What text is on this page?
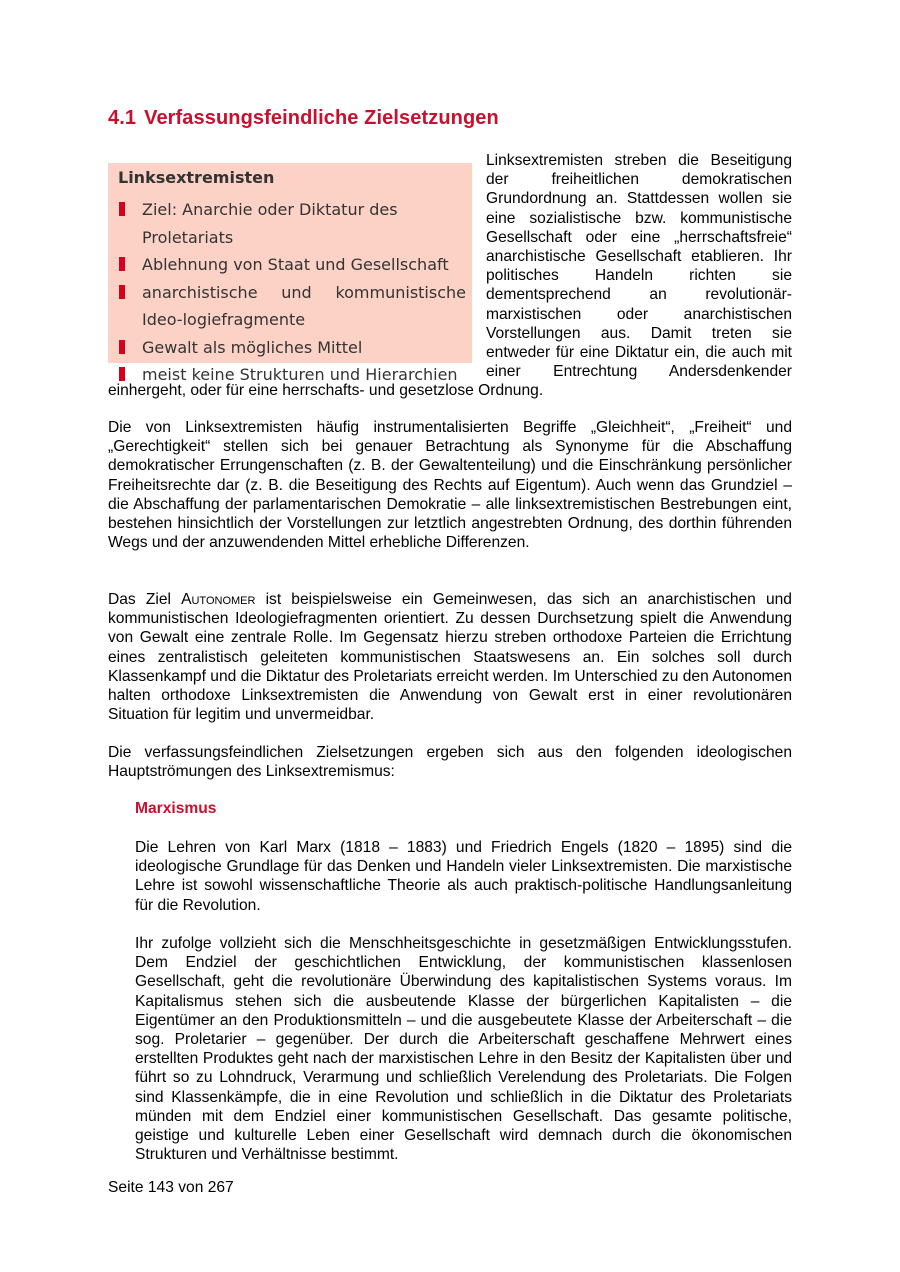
4.1 Verfassungsfeindliche Zielsetzungen

Linksextremisten

Ziel: Anarchie oder Diktatur des Proletariats
Ablehnung von Staat und Gesellschaft
anarchistische und kommunistische Ideo-logiefragmente
Gewalt als mögliches Mittel
meist keine Strukturen und Hierarchien

Linksextremisten streben die Beseitigung der freiheitlichen demokratischen Grundordnung an. Stattdessen wollen sie eine sozialistische bzw. kommunistische Gesellschaft oder eine „herrschaftsfreie“ anarchistische Gesellschaft etablieren. Ihr politisches Handeln richten sie dementsprechend an revolutionär-marxistischen oder anarchistischen Vorstellungen aus. Damit treten sie entweder für eine Diktatur ein, die auch mit einer Entrechtung Andersdenkender einhergeht, oder für eine herrschafts- und gesetzlose Ordnung.

Die von Linksextremisten häufig instrumentalisierten Begriffe „Gleichheit“, „Freiheit“ und „Gerechtigkeit“ stellen sich bei genauer Betrachtung als Synonyme für die Abschaffung demokratischer Errungenschaften (z. B. der Gewaltenteilung) und die Einschränkung persönlicher Freiheitsrechte dar (z. B. die Beseitigung des Rechts auf Eigentum). Auch wenn das Grundziel – die Abschaffung der parlamentarischen Demokratie – alle linksextremistischen Bestrebungen eint, bestehen hinsichtlich der Vorstellungen zur letztlich angestrebten Ordnung, des dorthin führenden Wegs und der anzuwendenden Mittel erhebliche Differenzen.

Das Ziel Autonomer ist beispielsweise ein Gemeinwesen, das sich an anarchistischen und kommunistischen Ideologiefragmenten orientiert. Zu dessen Durchsetzung spielt die Anwendung von Gewalt eine zentrale Rolle. Im Gegensatz hierzu streben orthodoxe Parteien die Errichtung eines zentralistisch geleiteten kommunistischen Staatswesens an. Ein solches soll durch Klassenkampf und die Diktatur des Proletariats erreicht werden. Im Unterschied zu den Autonomen halten orthodoxe Linksextremisten die Anwendung von Gewalt erst in einer revolutionären Situation für legitim und unvermeidbar.

Die verfassungsfeindlichen Zielsetzungen ergeben sich aus den folgenden ideologischen Hauptströmungen des Linksextremismus:

Marxismus

Die Lehren von Karl Marx (1818 – 1883) und Friedrich Engels (1820 – 1895) sind die ideologische Grundlage für das Denken und Handeln vieler Linksextremisten. Die marxistische Lehre ist sowohl wissenschaftliche Theorie als auch praktisch-politische Handlungsanleitung für die Revolution.

Ihr zufolge vollzieht sich die Menschheitsgeschichte in gesetzmäßigen Entwicklungsstufen. Dem Endziel der geschichtlichen Entwicklung, der kommunistischen klassenlosen Gesellschaft, geht die revolutionäre Überwindung des kapitalistischen Systems voraus. Im Kapitalismus stehen sich die ausbeutende Klasse der bürgerlichen Kapitalisten – die Eigentümer an den Produktionsmitteln – und die ausgebeutete Klasse der Arbeiterschaft – die sog. Proletarier – gegenüber. Der durch die Arbeiterschaft geschaffene Mehrwert eines erstellten Produktes geht nach der marxistischen Lehre in den Besitz der Kapitalisten über und führt so zu Lohndruck, Verarmung und schließlich Verelendung des Proletariats. Die Folgen sind Klassenkämpfe, die in eine Revolution und schließlich in die Diktatur des Proletariats münden mit dem Endziel einer kommunistischen Gesellschaft. Das gesamte politische, geistige und kulturelle Leben einer Gesellschaft wird demnach durch die ökonomischen Strukturen und Verhältnisse bestimmt.

Seite 143 von 267
